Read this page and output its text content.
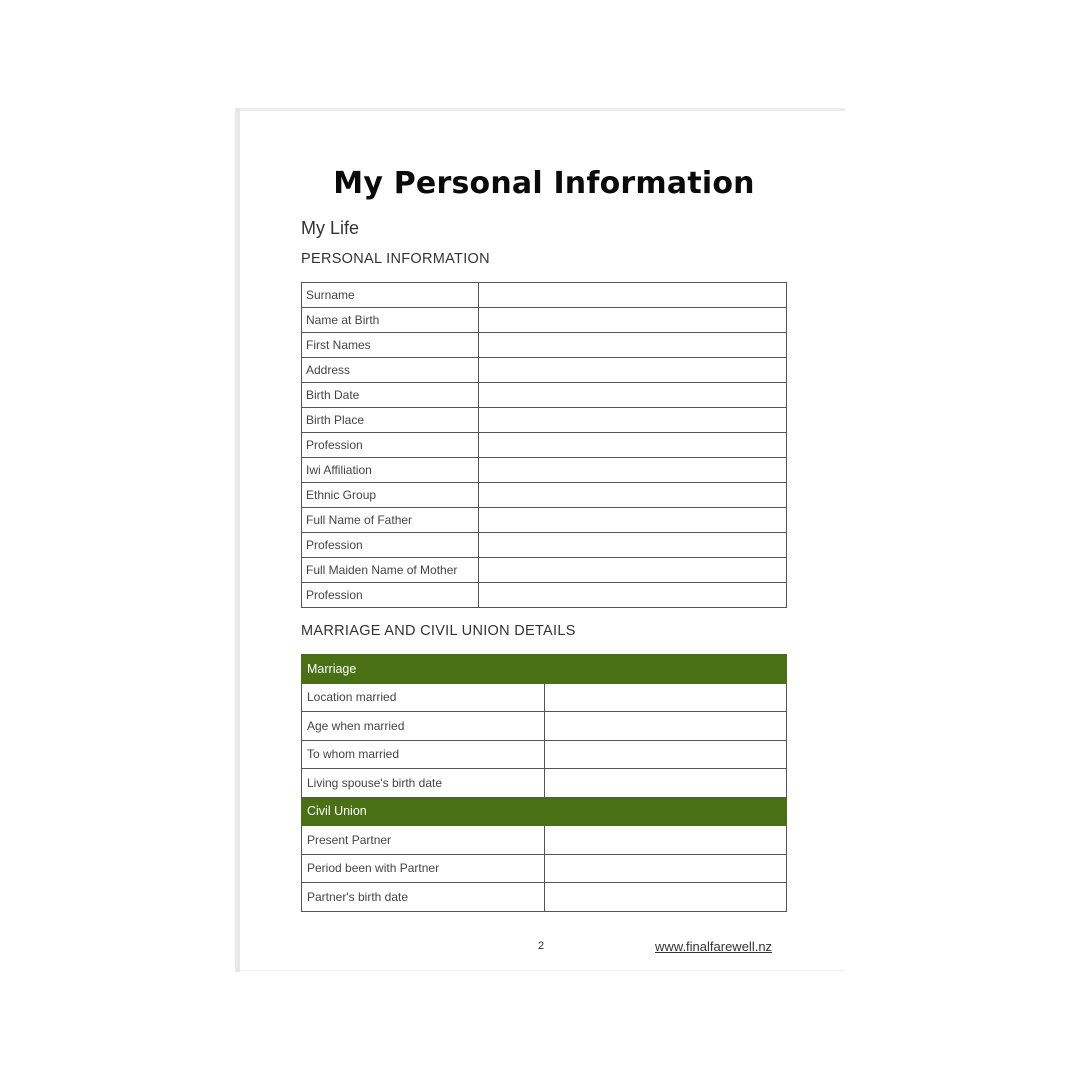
My Personal Information
My Life
PERSONAL INFORMATION
Surname	
Name at Birth	
First Names	
Address	
Birth Date	
Birth Place	
Profession	
Iwi Affiliation	
Ethnic Group	
Full Name of Father	
Profession	
Full Maiden Name of Mother	
Profession	
MARRIAGE AND CIVIL UNION DETAILS
Marriage	
Location married	
Age when married	
To whom married	
Living spouse's birth date	
Civil Union	
Present Partner	
Period been with Partner	
Partner's birth date	
2	www.finalfarewell.nz
